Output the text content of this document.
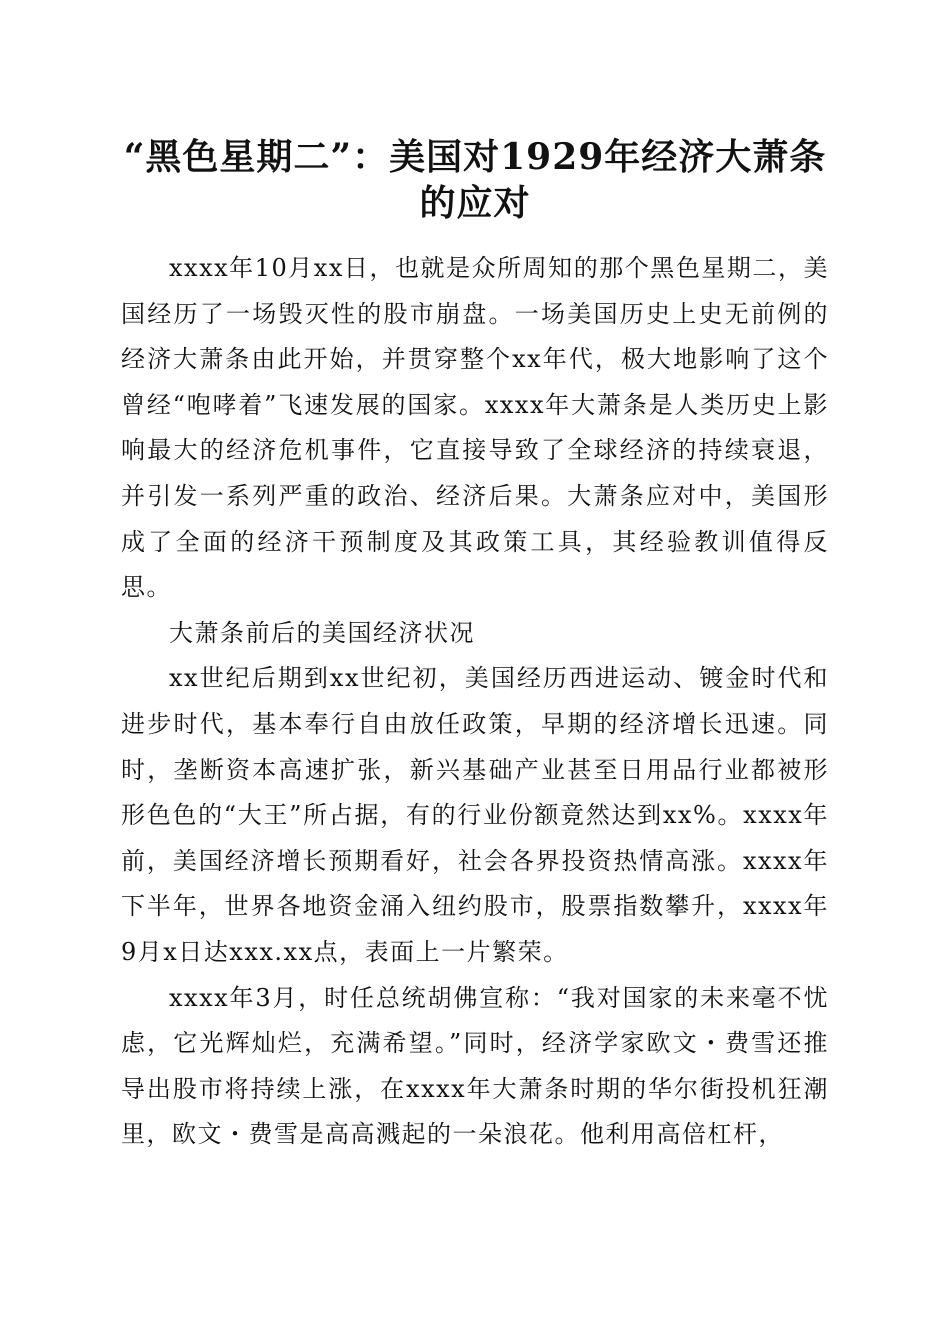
“黑色星期二”：美国对1929年经济大萧条
的应对

xxxx年10月xx日，也就是众所周知的那个黑色星期二，美国经历了一场毁灭性的股市崩盘。一场美国历史上史无前例的经济大萧条由此开始，并贯穿整个xx年代，极大地影响了这个曾经“咆哮着”飞速发展的国家。xxxx年大萧条是人类历史上影响最大的经济危机事件，它直接导致了全球经济的持续衰退，并引发一系列严重的政治、经济后果。大萧条应对中，美国形成了全面的经济干预制度及其政策工具，其经验教训值得反思。

大萧条前后的美国经济状况

xx世纪后期到xx世纪初，美国经历西进运动、镀金时代和进步时代，基本奉行自由放任政策，早期的经济增长迅速。同时，垄断资本高速扩张，新兴基础产业甚至日用品行业都被形形色色的“大王”所占据，有的行业份额竟然达到xx%。xxxx年前，美国经济增长预期看好，社会各界投资热情高涨。xxxx年下半年，世界各地资金涌入纽约股市，股票指数攀升，xxxx年9月x日达xxx.xx点，表面上一片繁荣。

xxxx年3月，时任总统胡佛宣称：“我对国家的未来毫不忧虑，它光辉灿烂，充满希望。”同时，经济学家欧文・费雪还推导出股市将持续上涨，在xxxx年大萧条时期的华尔街投机狂潮里，欧文・费雪是高高溅起的一朵浪花。他利用高倍杠杆，
